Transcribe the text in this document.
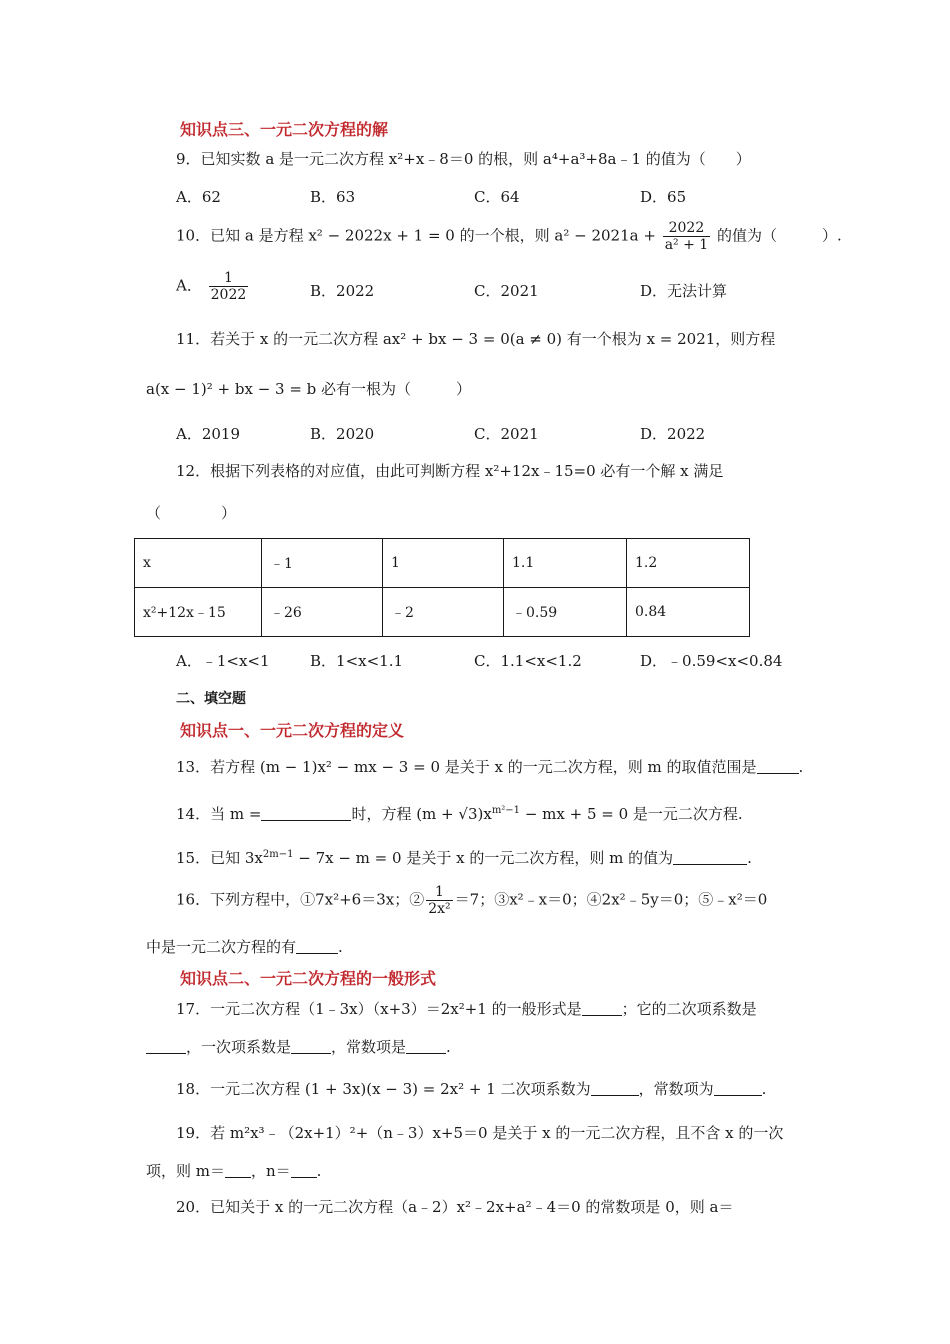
知识点三、一元二次方程的解
9．已知实数 a 是一元二次方程 x²+x﹣8＝0 的根，则 a⁴+a³+8a﹣1 的值为（　　）
A．62	B．63	C．64	D．65
10．已知 a 是方程 x² − 2022x + 1 = 0 的一个根，则 $a^2 - 2021a + \frac{2022}{\text{a² + 1}}$ 的值为（　　　）.
A． $\frac{1}{2022}$	B．2022	C．2021	D．无法计算
11．若关于 x 的一元二次方程 ax² + bx − 3 = 0(a ≠ 0) 有一个根为 x = 2021，则方程
a(x − 1)² + bx − 3 = b 必有一根为（　　　）
A．2019	B．2020	C．2021	D．2022
12．根据下列表格的对应值，由此可判断方程 x²+12x﹣15=0 必有一个解 x 满足
（　　　　）
x	﹣1	1	1.1	1.2
x²+12x﹣15	﹣26	﹣2	﹣0.59	0.84
A．﹣1<x<1	B．1<x<1.1	C．1.1<x<1.2	D．﹣0.59<x<0.84
二、填空题
知识点一、一元二次方程的定义
13．若方程 (m − 1)x² − mx − 3 = 0 是关于 x 的一元二次方程，则 m 的取值范围是	.
14．当 m =	时，方程 $(m + √3)x^{m^2-1}$ − mx + 5 = 0 是一元二次方程.
15．已知 $3x^{2m-1} - 7x - m = 0$ 是关于 x 的一元二次方程，则 m 的值为	.
16．下列方程中，①7x²+6＝3x；② $\frac{1}{\text{2x²}} =7$；③x²﹣x＝0；④2x²﹣5y＝0；⑤﹣x²＝0
中是一元二次方程的有	.
知识点二、一元二次方程的一般形式
17．一元二次方程（1﹣3x）（x+3）＝2x²+1 的一般形式是	；它的二次项系数是
，一次项系数是	，常数项是	.
18．一元二次方程 (1 + 3x)(x − 3) = 2x² + 1 二次项系数为	，常数项为	.
19．若 m²x³﹣（2x+1）²+（n﹣3）x+5＝0 是关于 x 的一元二次方程，且不含 x 的一次
项，则 m＝ ，n＝ .
20．已知关于 x 的一元二次方程（a﹣2）x²﹣2x+a²﹣4＝0 的常数项是 0，则 a＝
